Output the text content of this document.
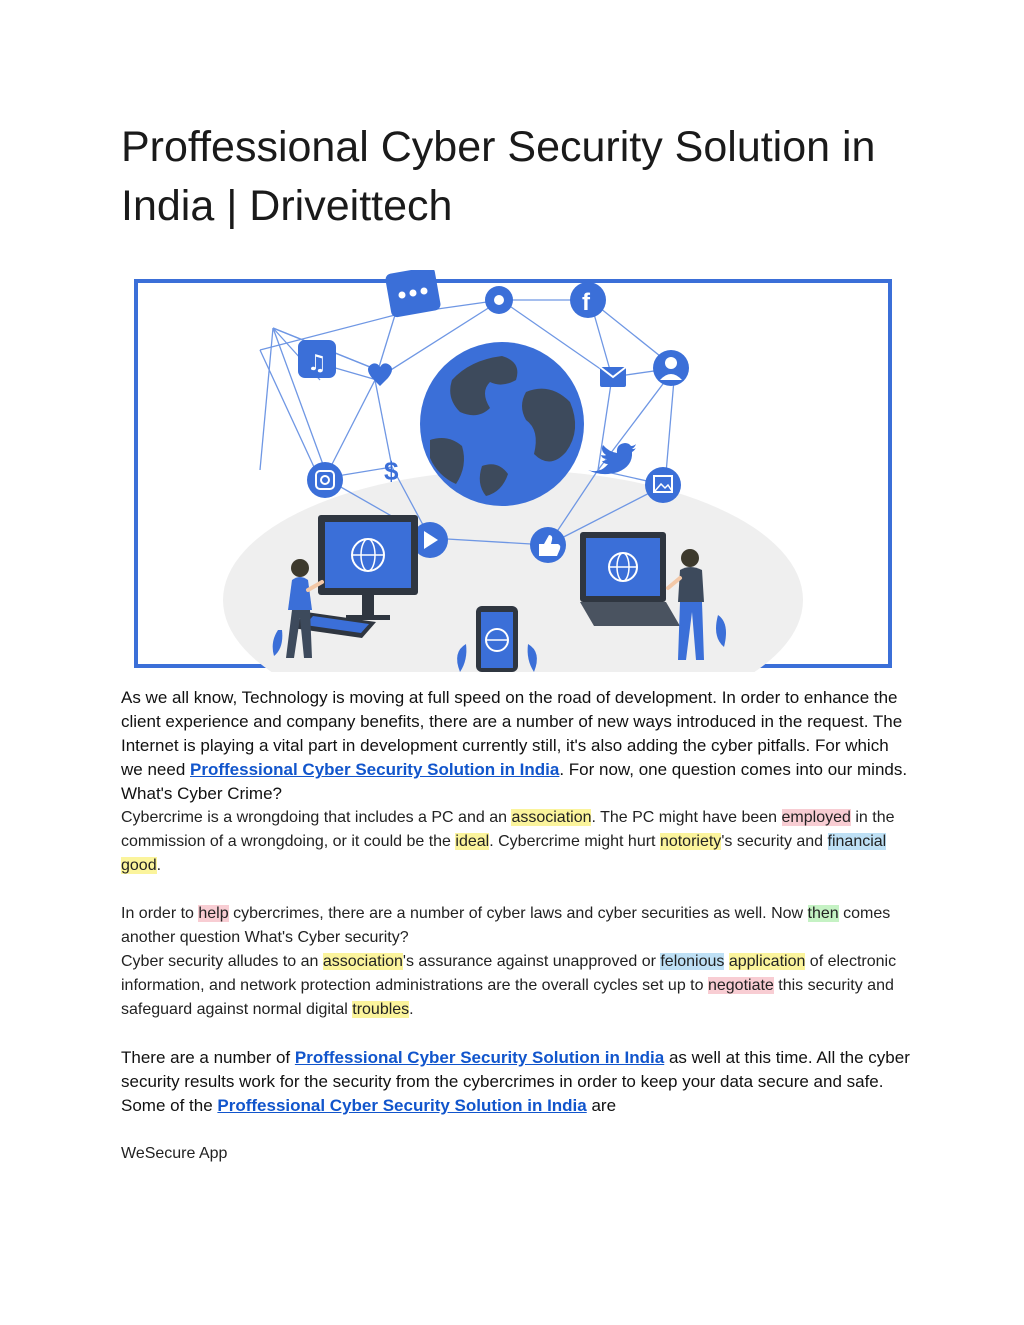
Proffessional Cyber Security Solution in India | Driveittech
f
♫
$

As we all know, Technology is moving at full speed on the road of development. In order to enhance the client experience and company benefits, there are a number of new ways introduced in the request. The Internet is playing a vital part in development currently still, it's also adding the cyber pitfalls. For which we need Proffessional Cyber Security Solution in India. For now, one question comes into our minds. What's Cyber Crime?

Cybercrime is a wrongdoing that includes a PC and an association. The PC might have been employed in the commission of a wrongdoing, or it could be the ideal. Cybercrime might hurt notoriety's security and financial good.

In order to help cybercrimes, there are a number of cyber laws and cyber securities as well. Now then comes another question What's Cyber security?

Cyber security alludes to an association's assurance against unapproved or felonious application of electronic information, and network protection administrations are the overall cycles set up to negotiate this security and safeguard against normal digital troubles.

There are a number of Proffessional Cyber Security Solution in India as well at this time. All the cyber security results work for the security from the cybercrimes in order to keep your data secure and safe.

Some of the Proffessional Cyber Security Solution in India are

WeSecure App
